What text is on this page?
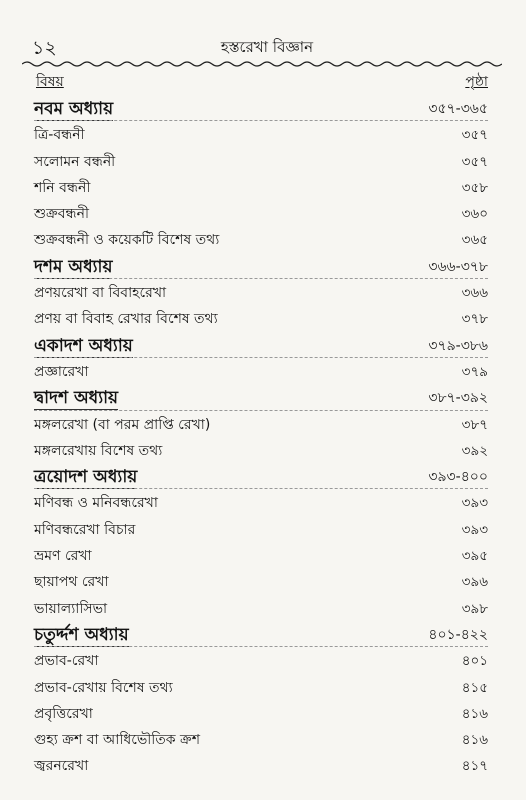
১২	হস্তরেখা বিজ্ঞান
বিষয়	পৃষ্ঠা
নবম অধ্যায়	৩৫৭-৩৬৫
ত্রি-বন্ধনী	৩৫৭
সলোমন বন্ধনী	৩৫৭
শনি বন্ধনী	৩৫৮
শুক্রবন্ধনী	৩৬০
শুক্রবন্ধনী ও কয়েকটি বিশেষ তথ্য	৩৬৫
দশম অধ্যায়	৩৬৬-৩৭৮
প্রণয়রেখা বা বিবাহরেখা	৩৬৬
প্রণয় বা বিবাহ রেখার বিশেষ তথ্য	৩৭৮
একাদশ অধ্যায়	৩৭৯-৩৮৬
প্রজ্ঞারেখা	৩৭৯
দ্বাদশ অধ্যায়	৩৮৭-৩৯২
মঙ্গলরেখা (বা পরম প্রাপ্তি রেখা)	৩৮৭
মঙ্গলরেখায় বিশেষ তথ্য	৩৯২
ত্রয়োদশ অধ্যায়	৩৯৩-৪০০
মণিবন্ধ ও মনিবন্ধরেখা	৩৯৩
মণিবন্ধরেখা বিচার	৩৯৩
ভ্রমণ রেখা	৩৯৫
ছায়াপথ রেখা	৩৯৬
ভায়াল্যাসিভা	৩৯৮
চতুর্দ্দশ অধ্যায়	৪০১-৪২২
প্রভাব-রেখা	৪০১
প্রভাব-রেখায় বিশেষ তথ্য	৪১৫
প্রবৃত্তিরেখা	৪১৬
গুহ্য ক্রশ বা আধিভৌতিক ক্রশ	৪১৬
জ্বরনরেখা	৪১৭
